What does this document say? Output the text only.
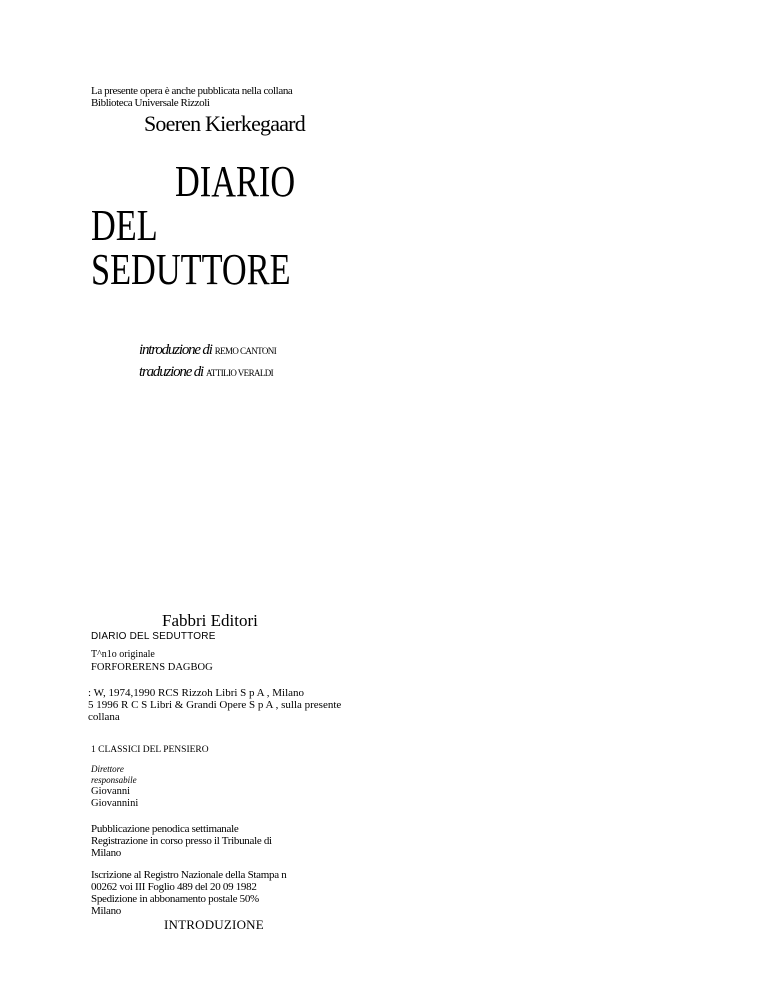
La presente opera è anche pubblicata nella collana
Biblioteca Universale Rizzoli
Soeren Kierkegaard
DIARIO
DEL
SEDUTTORE
introduzione di REMO CANTONI
traduzione di ATTILIO VERALDI
Fabbri Editori
DIARIO DEL SEDUTTORE
T^n1o originale
FORFORERENS DAGBOG
: W, 1974,1990 RCS Rizzoh Libri S p A , Milano
5 1996 R C S Libri & Grandi Opere S p A , sulla presente
collana
1 CLASSICI DEL PENSIERO
Direttore
responsabile
Giovanni
Giovannini
Pubblicazione penodica settimanale
Registrazione in corso presso il Tribunale di
Milano
Iscrizione al Registro Nazionale della Stampa n
00262 voi III Foglio 489 del 20 09 1982
Spedizione in abbonamento postale 50%
Milano
INTRODUZIONE
